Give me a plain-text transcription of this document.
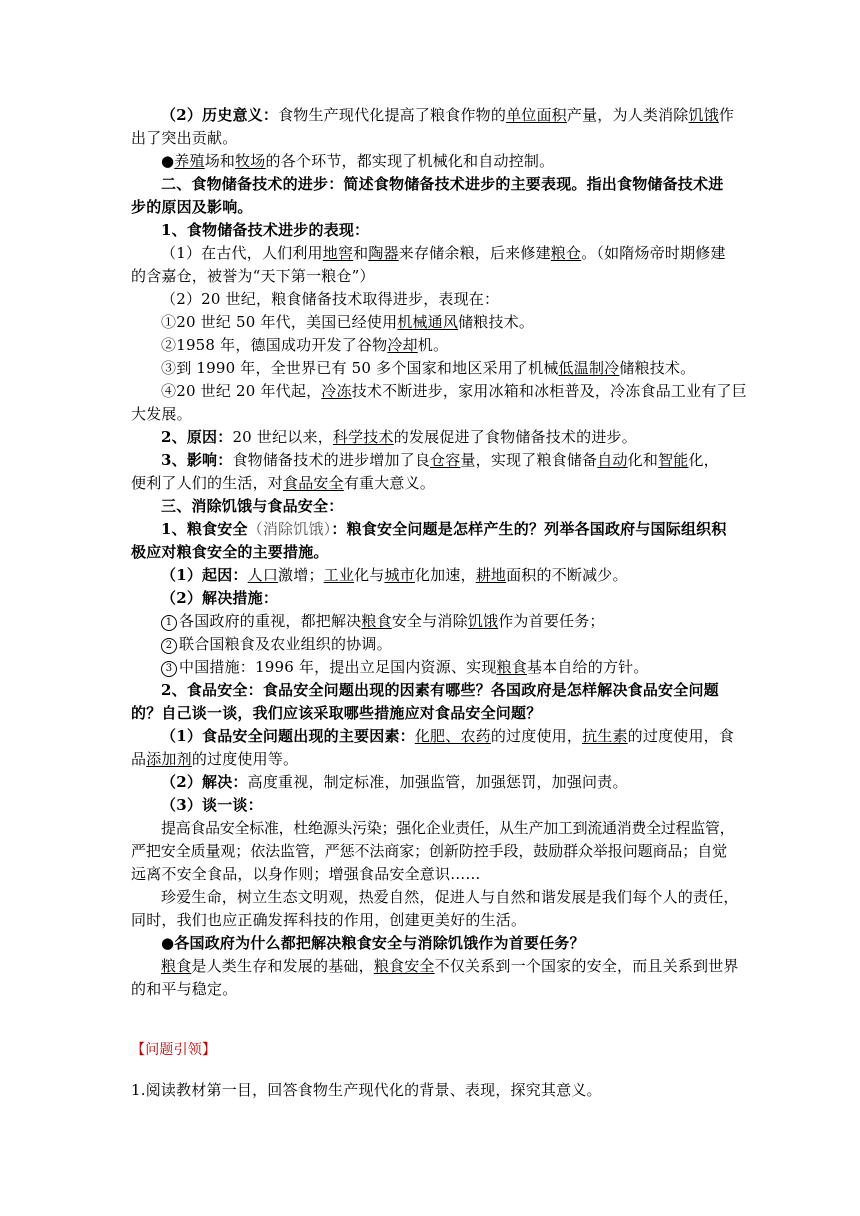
（2）历史意义：食物生产现代化提高了粮食作物的单位面积产量，为人类消除饥饿作
出了突出贡献。
●养殖场和牧场的各个环节，都实现了机械化和自动控制。
二、食物储备技术的进步：简述食物储备技术进步的主要表现。指出食物储备技术进
步的原因及影响。
1、食物储备技术进步的表现：
（1）在古代，人们利用地窖和陶器来存储余粮，后来修建粮仓。（如隋炀帝时期修建
的含嘉仓，被誉为“天下第一粮仓”）
（2）20 世纪，粮食储备技术取得进步，表现在：
①20 世纪 50 年代，美国已经使用机械通风储粮技术。
②1958 年，德国成功开发了谷物冷却机。
③到 1990 年，全世界已有 50 多个国家和地区采用了机械低温制冷储粮技术。
④20 世纪 20 年代起，冷冻技术不断进步，家用冰箱和冰柜普及，冷冻食品工业有了巨
大发展。
2、原因：20 世纪以来，科学技术的发展促进了食物储备技术的进步。
3、影响：食物储备技术的进步增加了良仓容量，实现了粮食储备自动化和智能化，
便利了人们的生活，对食品安全有重大意义。
三、消除饥饿与食品安全：
1、粮食安全（消除饥饿）：粮食安全问题是怎样产生的？列举各国政府与国际组织积
极应对粮食安全的主要措施。
（1）起因：人口激增；工业化与城市化加速，耕地面积的不断减少。
（2）解决措施：
1 各国政府的重视，都把解决粮食安全与消除饥饿作为首要任务；
2 联合国粮食及农业组织的协调。
3 中国措施：1996 年，提出立足国内资源、实现粮食基本自给的方针。
2、食品安全：食品安全问题出现的因素有哪些？各国政府是怎样解决食品安全问题
的？自己谈一谈，我们应该采取哪些措施应对食品安全问题？
（1）食品安全问题出现的主要因素：化肥、农药的过度使用，抗生素的过度使用，食
品添加剂的过度使用等。
（2）解决：高度重视，制定标准，加强监管，加强惩罚，加强问责。
（3）谈一谈：
提高食品安全标准，杜绝源头污染；强化企业责任，从生产加工到流通消费全过程监管，
严把安全质量观；依法监管，严惩不法商家；创新防控手段，鼓励群众举报问题商品；自觉
远离不安全食品，以身作则；增强食品安全意识……
珍爱生命，树立生态文明观，热爱自然，促进人与自然和谐发展是我们每个人的责任，
同时，我们也应正确发挥科技的作用，创建更美好的生活。
●各国政府为什么都把解决粮食安全与消除饥饿作为首要任务？
粮食是人类生存和发展的基础，粮食安全不仅关系到一个国家的安全，而且关系到世界
的和平与稳定。
【问题引领】
1.阅读教材第一目，回答食物生产现代化的背景、表现，探究其意义。
